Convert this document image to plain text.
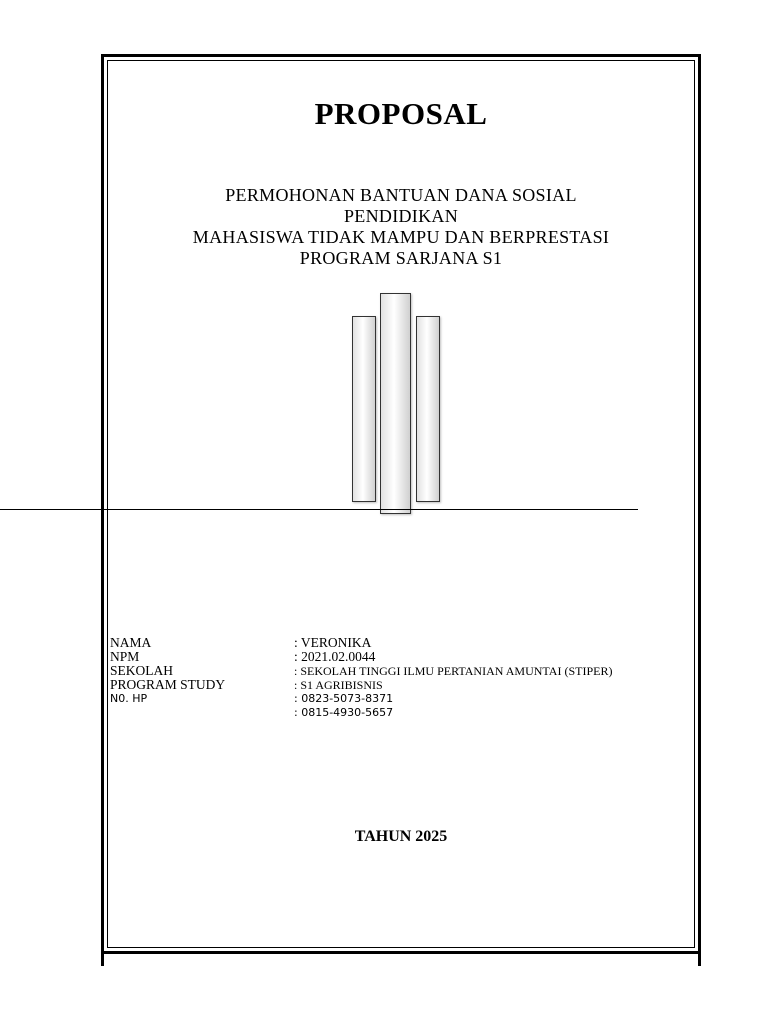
PROPOSAL
PERMOHONAN BANTUAN DANA SOSIAL
PENDIDIKAN
MAHASISWA TIDAK MAMPU DAN BERPRESTASI
PROGRAM SARJANA S1
NAMA	: VERONIKA
NPM	: 2021.02.0044
SEKOLAH	: SEKOLAH TINGGI ILMU PERTANIAN AMUNTAI (STIPER)
PROGRAM STUDY	: S1 AGRIBISNIS
N0. HP	: 0823-5073-8371
: 0815-4930-5657
TAHUN 2025
